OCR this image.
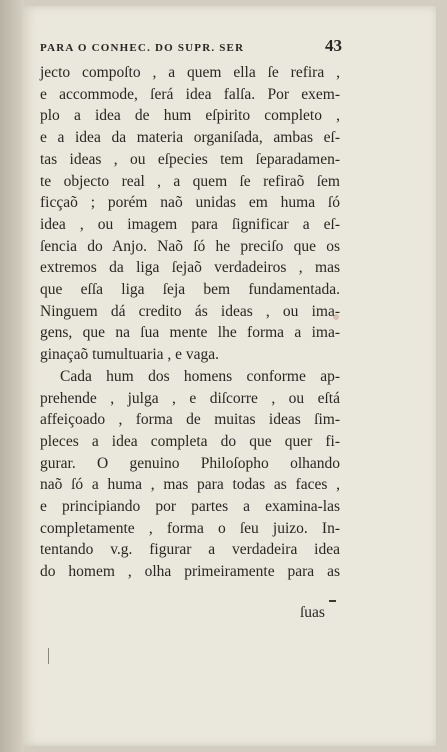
PARA O CONHEC. DO SUPR. SER	43
jecto compoſto , a quem ella ſe refira ,
e accommode, ſerá idea falſa. Por exem-
plo a idea de hum eſpirito completo ,
e a idea da materia organiſada, ambas eſ-
tas ideas , ou eſpecies tem ſeparadamen-
te objecto real , a quem ſe refiraõ ſem
ficçaõ ; porém naõ unidas em huma ſó
idea , ou imagem para ſignificar a eſ-
ſencia do Anjo. Naõ ſó he preciſo que os
extremos da liga ſejaõ verdadeiros , mas
que eſſa liga ſeja bem fundamentada.
Ninguem dá credito ás ideas , ou ima-
gens, que na ſua mente lhe forma a ima-
ginaçaõ tumultuaria , e vaga.
Cada hum dos homens conforme ap-
prehende , julga , e diſcorre , ou eſtá
affeiçoado , forma de muitas ideas ſim-
pleces a idea completa do que quer fi-
gurar. O genuino Philoſopho olhando
naõ ſó a huma , mas para todas as faces ,
e principiando por partes a examina-las
completamente , forma o ſeu juizo. In-
tentando v.g. figurar a verdadeira idea
do homem , olha primeiramente para as
ſuas
